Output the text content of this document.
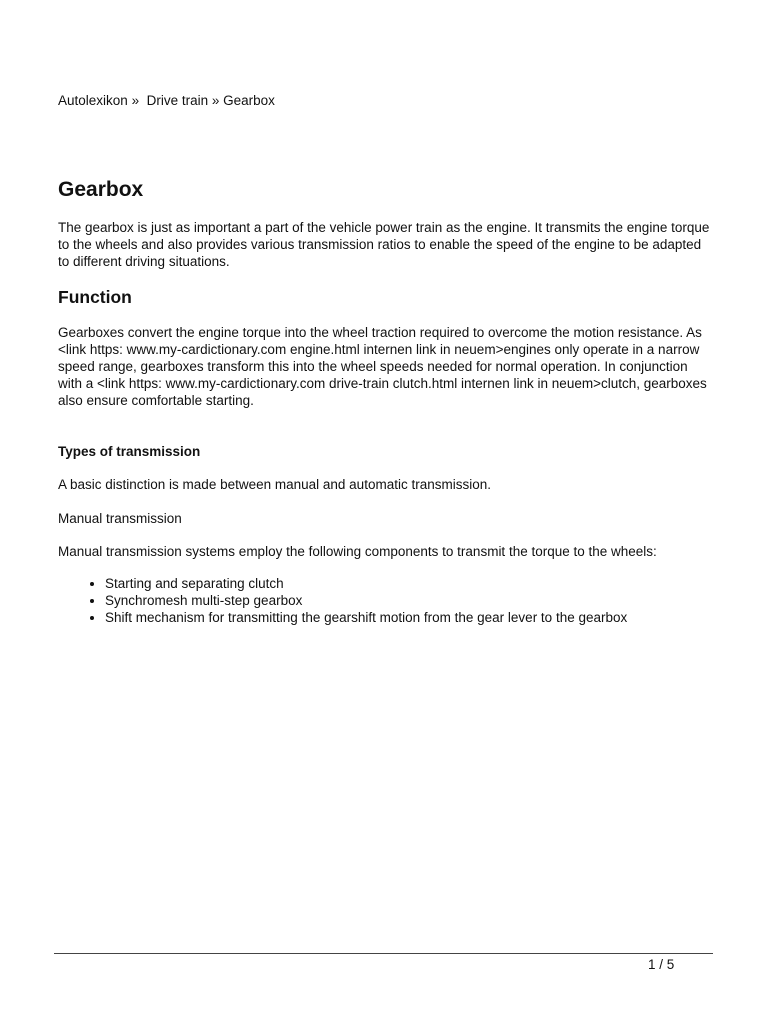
Autolexikon » Drive train » Gearbox
Gearbox

The gearbox is just as important a part of the vehicle power train as the engine. It transmits the engine torque to the wheels and also provides various transmission ratios to enable the speed of the engine to be adapted to different driving situations.

Function

Gearboxes convert the engine torque into the wheel traction required to overcome the motion resistance. As <link https: www.my-cardictionary.com engine.html internen link in neuem>engines only operate in a narrow speed range, gearboxes transform this into the wheel speeds needed for normal operation. In conjunction with a <link https: www.my-cardictionary.com drive-train clutch.html internen link in neuem>clutch, gearboxes also ensure comfortable starting.

Types of transmission

A basic distinction is made between manual and automatic transmission.

Manual transmission

Manual transmission systems employ the following components to transmit the torque to the wheels:

• Starting and separating clutch
• Synchromesh multi-step gearbox
• Shift mechanism for transmitting the gearshift motion from the gear lever to the gearbox
1 / 5
